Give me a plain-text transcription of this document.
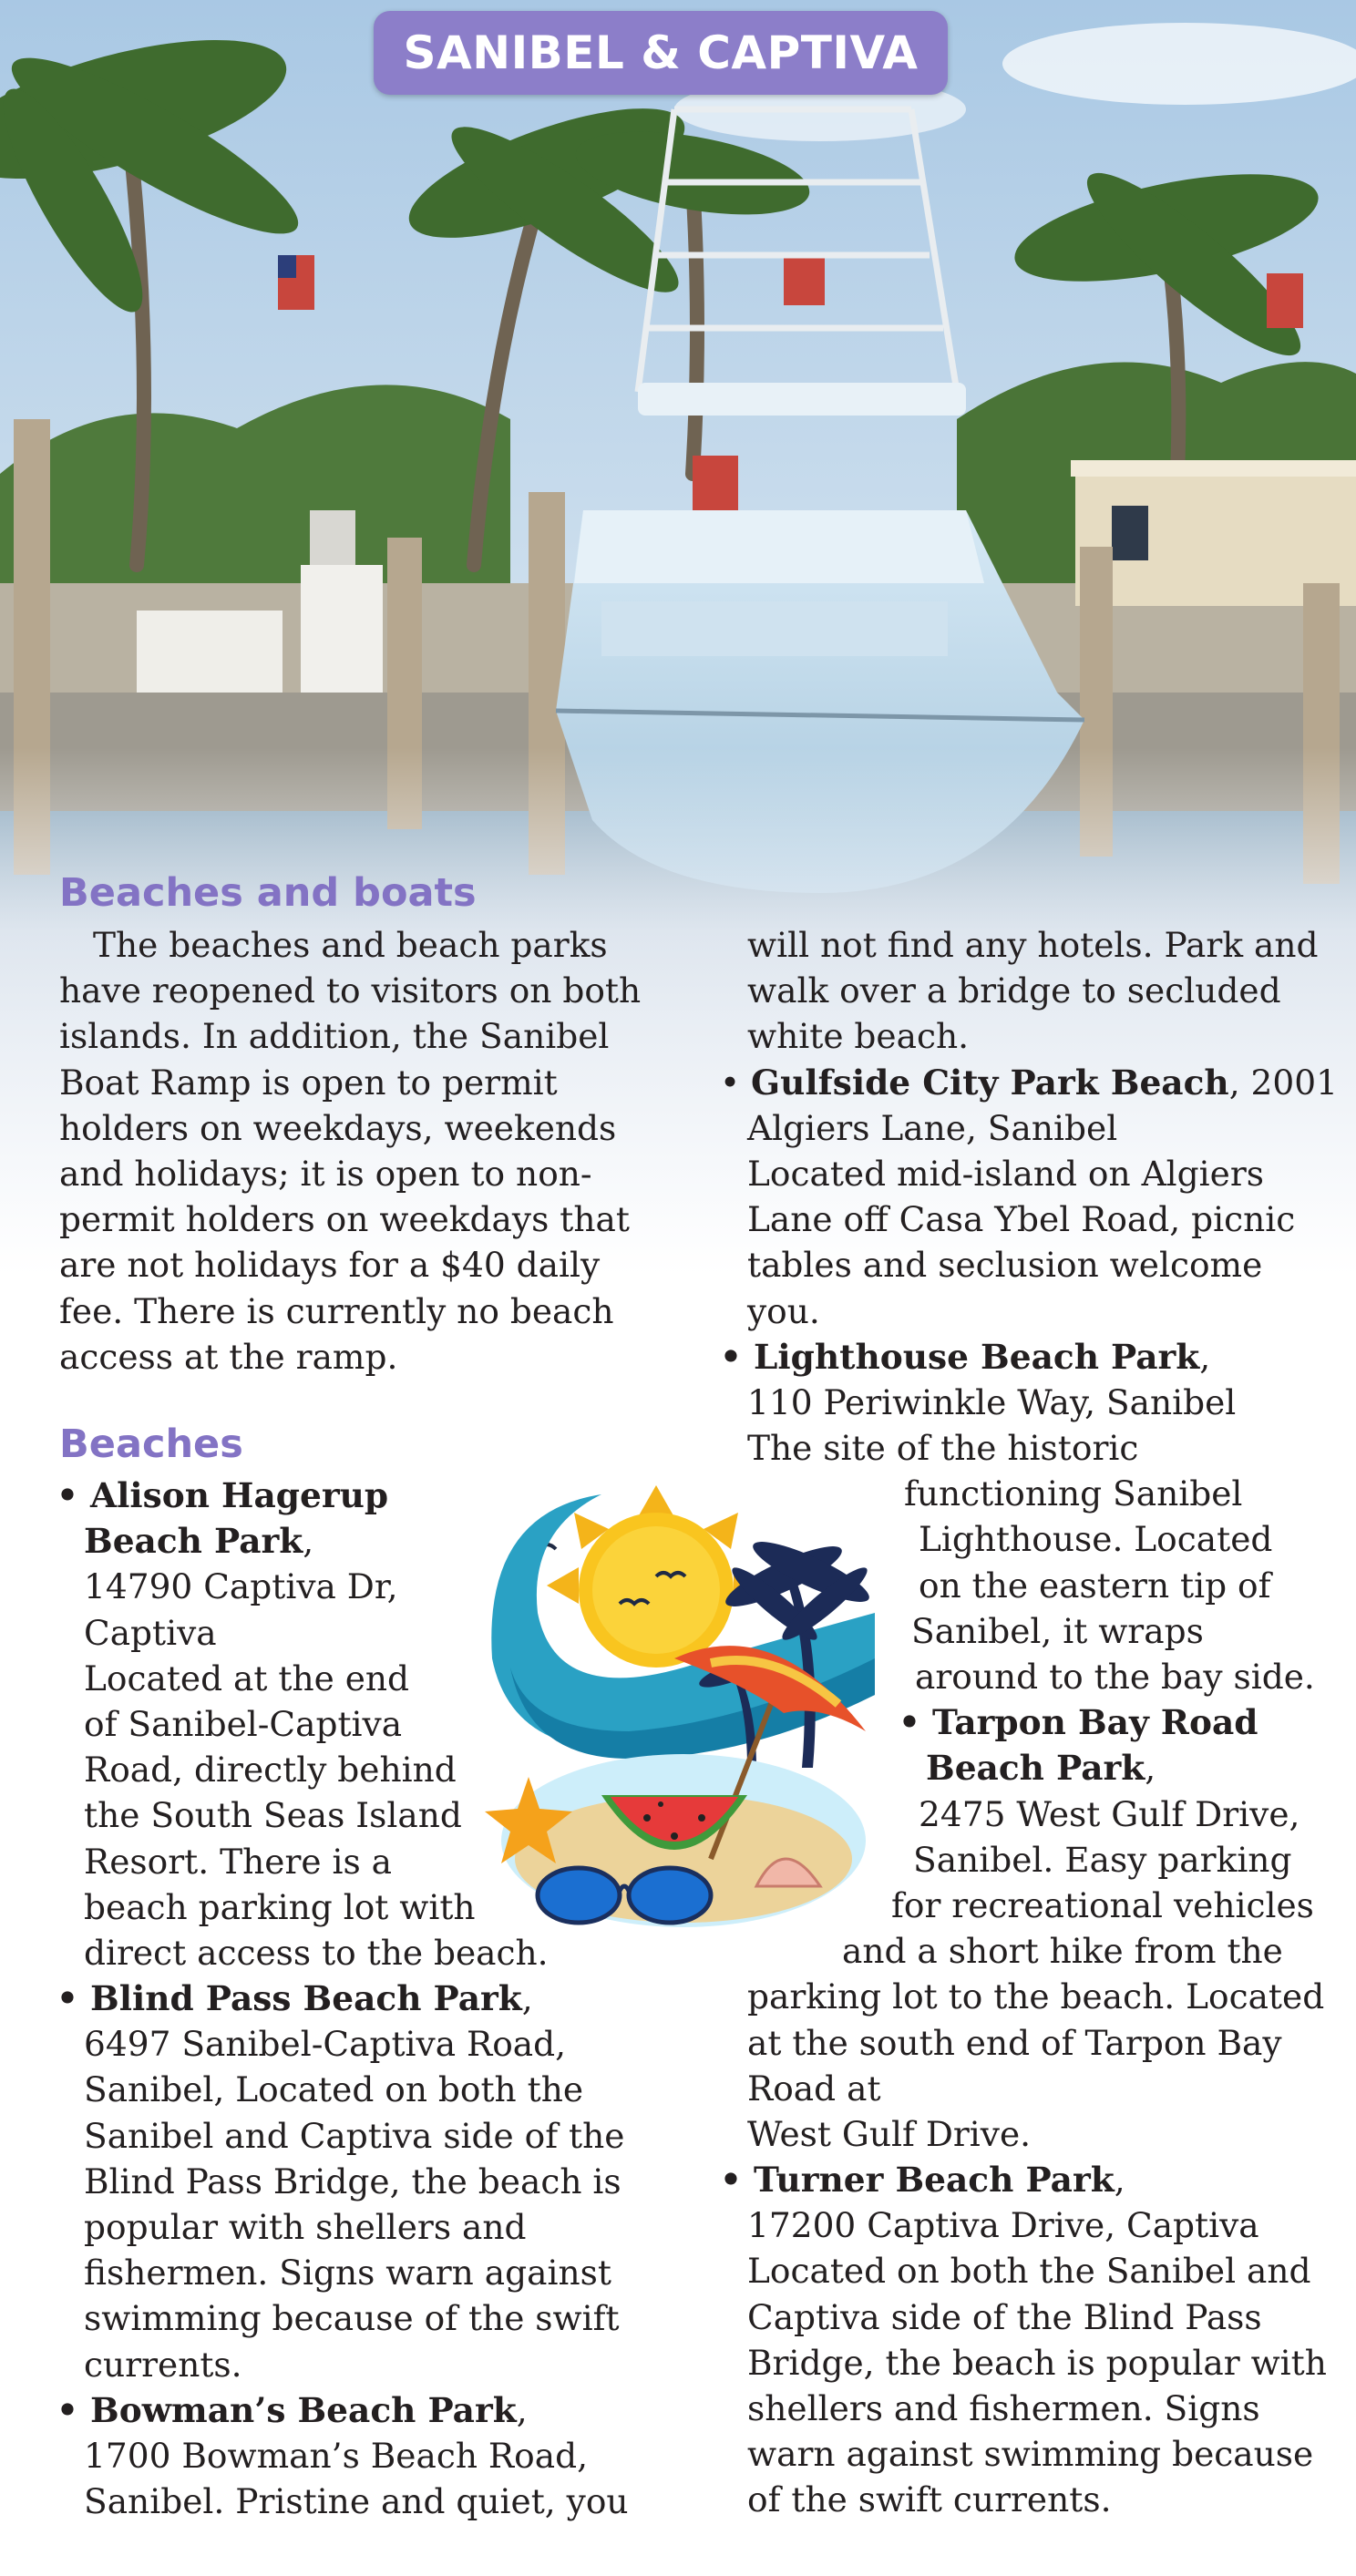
SANIBEL & CAPTIVA
Beaches and boats
Beaches
The beaches and beach parks
have reopened to visitors on both
islands. In addition, the Sanibel
Boat Ramp is open to permit
holders on weekdays, weekends
and holidays; it is open to non-
permit holders on weekdays that
are not holidays for a $40 daily
fee. There is currently no beach
access at the ramp.
• Alison Hagerup
Beach Park,
14790 Captiva Dr,
Captiva
Located at the end
of Sanibel-Captiva
Road, directly behind
the South Seas Island
Resort. There is a
beach parking lot with
direct access to the beach.
• Blind Pass Beach Park,
6497 Sanibel-Captiva Road,
Sanibel, Located on both the
Sanibel and Captiva side of the
Blind Pass Bridge, the beach is
popular with shellers and
fishermen. Signs warn against
swimming because of the swift
currents.
• Bowman’s Beach Park,
1700 Bowman’s Beach Road,
Sanibel. Pristine and quiet, you
will not find any hotels. Park and
walk over a bridge to secluded
white beach.
• Gulfside City Park Beach, 2001
Algiers Lane, Sanibel
Located mid-island on Algiers
Lane off Casa Ybel Road, picnic
tables and seclusion welcome
you.
• Lighthouse Beach Park,
110 Periwinkle Way, Sanibel
The site of the historic
functioning Sanibel
Lighthouse. Located
on the eastern tip of
Sanibel, it wraps
around to the bay side.
• Tarpon Bay Road
Beach Park,
2475 West Gulf Drive,
Sanibel. Easy parking
for recreational vehicles
and a short hike from the
parking lot to the beach. Located
at the south end of Tarpon Bay
Road at
West Gulf Drive.
• Turner Beach Park,
17200 Captiva Drive, Captiva
Located on both the Sanibel and
Captiva side of the Blind Pass
Bridge, the beach is popular with
shellers and fishermen. Signs
warn against swimming because
of the swift currents.
